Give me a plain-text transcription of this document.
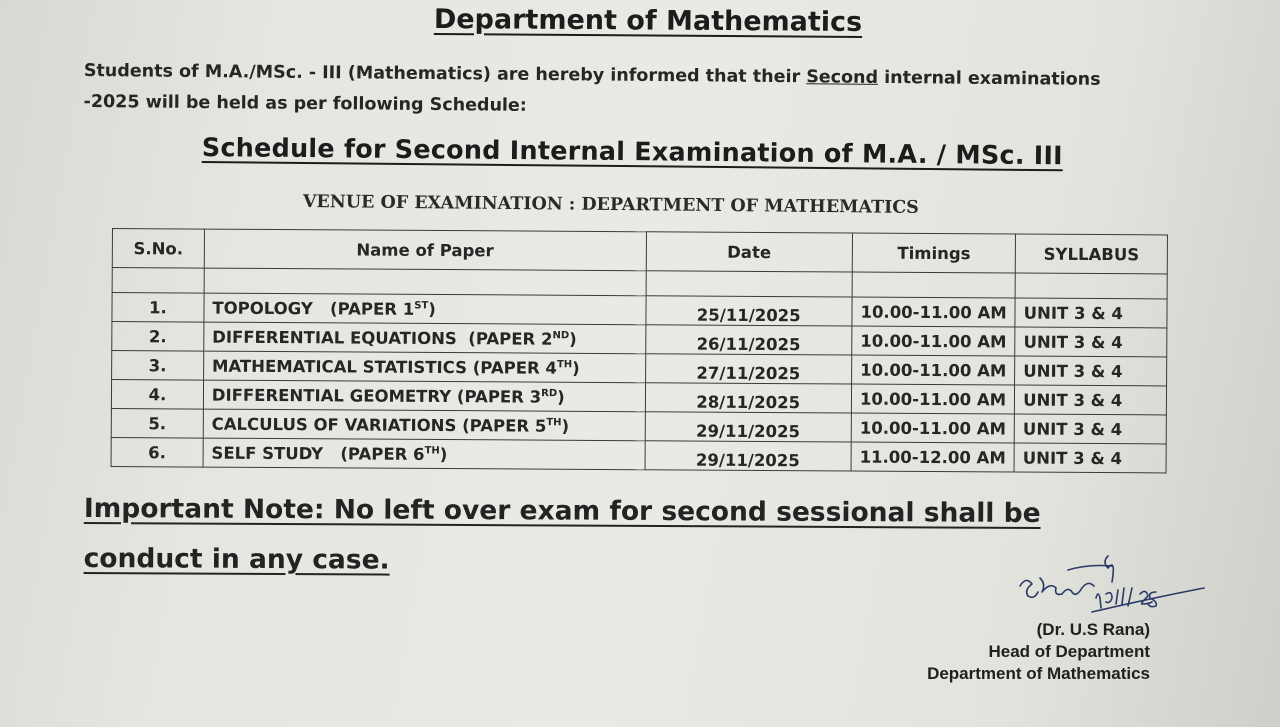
Department of Mathematics
Students of M.A./MSc. - III (Mathematics) are hereby informed that their Second internal examinations -2025 will be held as per following Schedule:
Schedule for Second Internal Examination of M.A. / MSc. III
VENUE OF EXAMINATION : DEPARTMENT OF MATHEMATICS
S.No.	Name of Paper	Date	Timings	SYLLABUS

1.	TOPOLOGY   (PAPER 1ST)	25/11/2025	10.00-11.00 AM	UNIT 3 & 4
2.	DIFFERENTIAL EQUATIONS  (PAPER 2ND)	26/11/2025	10.00-11.00 AM	UNIT 3 & 4
3.	MATHEMATICAL STATISTICS (PAPER 4TH)	27/11/2025	10.00-11.00 AM	UNIT 3 & 4
4.	DIFFERENTIAL GEOMETRY (PAPER 3RD)	28/11/2025	10.00-11.00 AM	UNIT 3 & 4
5.	CALCULUS OF VARIATIONS (PAPER 5TH)	29/11/2025	10.00-11.00 AM	UNIT 3 & 4
6.	SELF STUDY   (PAPER 6TH)	29/11/2025	11.00-12.00 AM	UNIT 3 & 4
Important Note: No left over exam for second sessional shall be conduct in any case.
(Dr. U.S Rana)
Head of Department
Department of Mathematics
